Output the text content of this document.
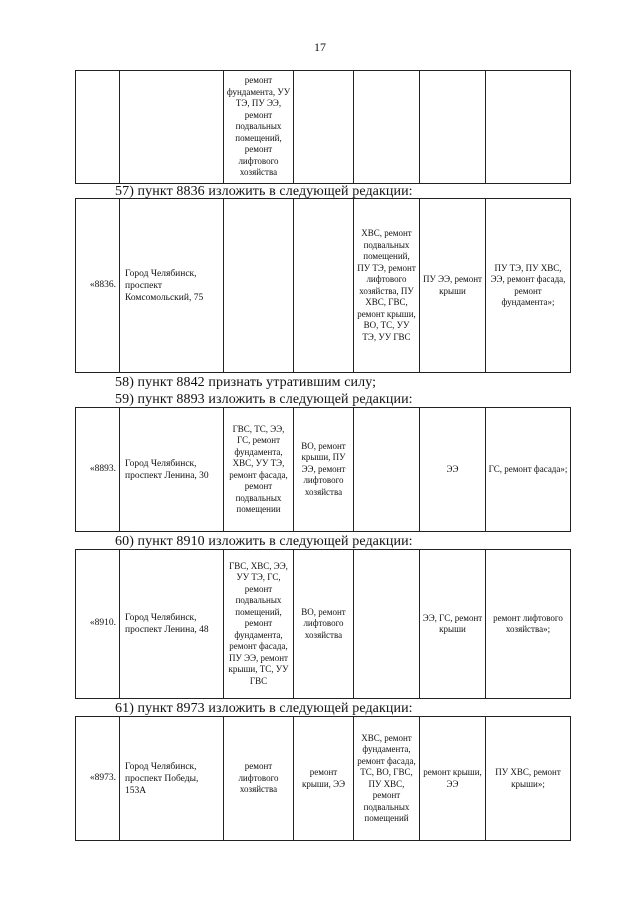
17
		ремонт фундамента, УУ ТЭ, ПУ ЭЭ, ремонт подвальных помещений, ремонт лифтового хозяйства				
57) пункт 8836 изложить в следующей редакции:
«8836.	Город Челябинск, проспект Комсомольский, 75			ХВС, ремонт подвальных помещений, ПУ ТЭ, ремонт лифтового хозяйства, ПУ ХВС, ГВС, ремонт крыши, ВО, ТС, УУ ТЭ, УУ ГВС	ПУ ЭЭ, ремонт крыши	ПУ ТЭ, ПУ ХВС, ЭЭ, ремонт фасада, ремонт фундамента»;
58) пункт 8842 признать утратившим силу;
59) пункт 8893 изложить в следующей редакции:
«8893.	Город Челябинск, проспект Ленина, 30	ГВС, ТС, ЭЭ, ГС, ремонт фундамента, ХВС, УУ ТЭ, ремонт фасада, ремонт подвальных помещении	ВО, ремонт крыши, ПУ ЭЭ, ремонт лифтового хозяйства		ЭЭ	ГС, ремонт фасада»;
60) пункт 8910 изложить в следующей редакции:
«8910.	Город Челябинск, проспект Ленина, 48	ГВС, ХВС, ЭЭ, УУ ТЭ, ГС, ремонт подвальных помещений, ремонт фундамента, ремонт фасада, ПУ ЭЭ, ремонт крыши, ТС, УУ ГВС	ВО, ремонт лифтового хозяйства		ЭЭ, ГС, ремонт крыши	ремонт лифтового хозяйства»;
61) пункт 8973 изложить в следующей редакции:
«8973.	Город Челябинск, проспект Победы, 153А	ремонт лифтового хозяйства	ремонт крыши, ЭЭ	ХВС, ремонт фундамента, ремонт фасада, ТС, ВО, ГВС, ПУ ХВС, ремонт подвальных помещений	ремонт крыши, ЭЭ	ПУ ХВС, ремонт крыши»;
